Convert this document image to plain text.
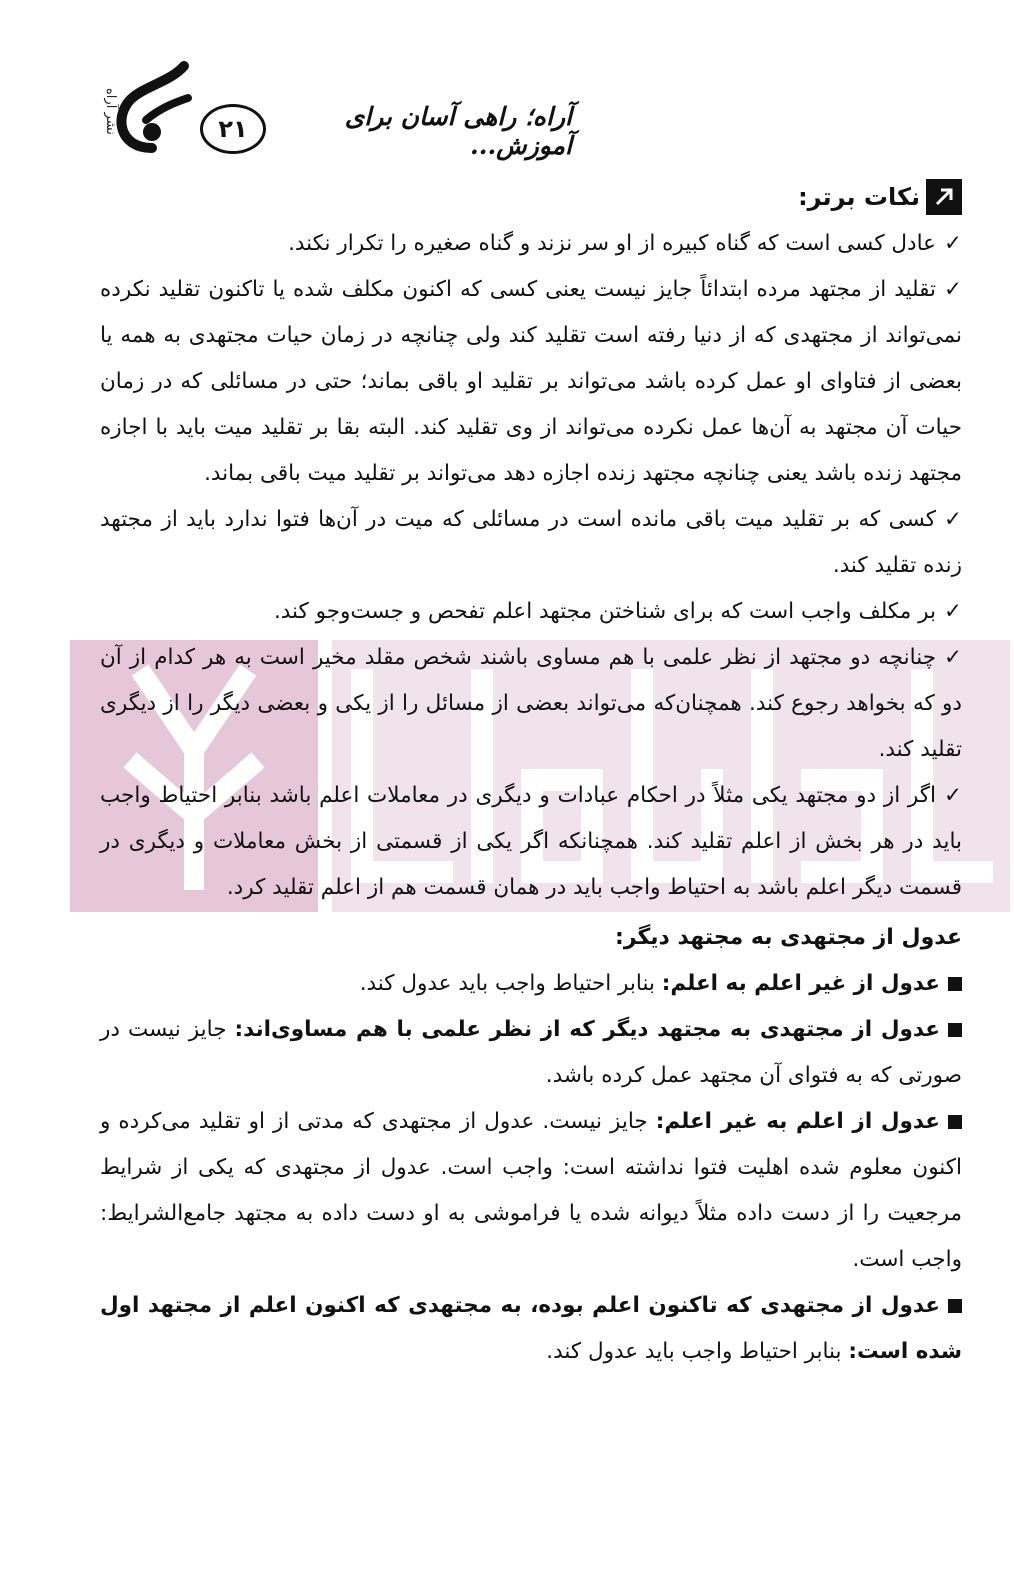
نشر آراه	۲۱	آراه؛ راهی آسان برای آموزش...

نکات برتر:

✓عادل کسی است که گناه کبیره از او سر نزند و گناه صغیره را تکرار نکند.

✓تقلید از مجتهد مرده ابتدائاً جایز نیست یعنی کسی که اکنون مکلف شده یا تاکنون تقلید نکرده نمی‌تواند از مجتهدی که از دنیا رفته است تقلید کند ولی چنانچه در زمان حیات مجتهدی به همه یا بعضی از فتاوای او عمل کرده باشد می‌تواند بر تقلید او باقی بماند؛ حتی در مسائلی که در زمان حیات آن مجتهد به آن‌ها عمل نکرده می‌تواند از وی تقلید کند. البته بقا بر تقلید میت باید با اجازه مجتهد زنده باشد یعنی چنانچه مجتهد زنده اجازه دهد می‌تواند بر تقلید میت باقی بماند.

✓کسی که بر تقلید میت باقی مانده است در مسائلی که میت در آن‌ها فتوا ندارد باید از مجتهد زنده تقلید کند.

✓بر مکلف واجب است که برای شناختن مجتهد اعلم تفحص و جست‌وجو کند.

✓چنانچه دو مجتهد از نظر علمی با هم مساوی باشند شخص مقلد مخیر است به هر کدام از آن دو که بخواهد رجوع کند. همچنان‌که می‌تواند بعضی از مسائل را از یکی و بعضی دیگر را از دیگری تقلید کند.

✓اگر از دو مجتهد یکی مثلاً در احکام عبادات و دیگری در معاملات اعلم باشد بنابر احتیاط واجب باید در هر بخش از اعلم تقلید کند. همچنانکه اگر یکی از قسمتی از بخش معاملات و دیگری در قسمت دیگر اعلم باشد به احتیاط واجب باید در همان قسمت هم از اعلم تقلید کرد.

عدول از مجتهدی به مجتهد دیگر:

عدول از غیر اعلم به اعلم: بنابر احتیاط واجب باید عدول کند.

عدول از مجتهدی به مجتهد دیگر که از نظر علمی با هم مساوی‌اند: جایز نیست در صورتی که به فتوای آن مجتهد عمل کرده باشد.

عدول از اعلم به غیر اعلم: جایز نیست. عدول از مجتهدی که مدتی از او تقلید می‌کرده و اکنون معلوم شده اهلیت فتوا نداشته است: واجب است. عدول از مجتهدی که یکی از شرایط مرجعیت را از دست داده مثلاً دیوانه شده یا فراموشی به او دست داده به مجتهد جامع‌الشرایط: واجب است.

عدول از مجتهدی که تاکنون اعلم بوده، به مجتهدی که اکنون اعلم از مجتهد اول شده است: بنابر احتیاط واجب باید عدول کند.
